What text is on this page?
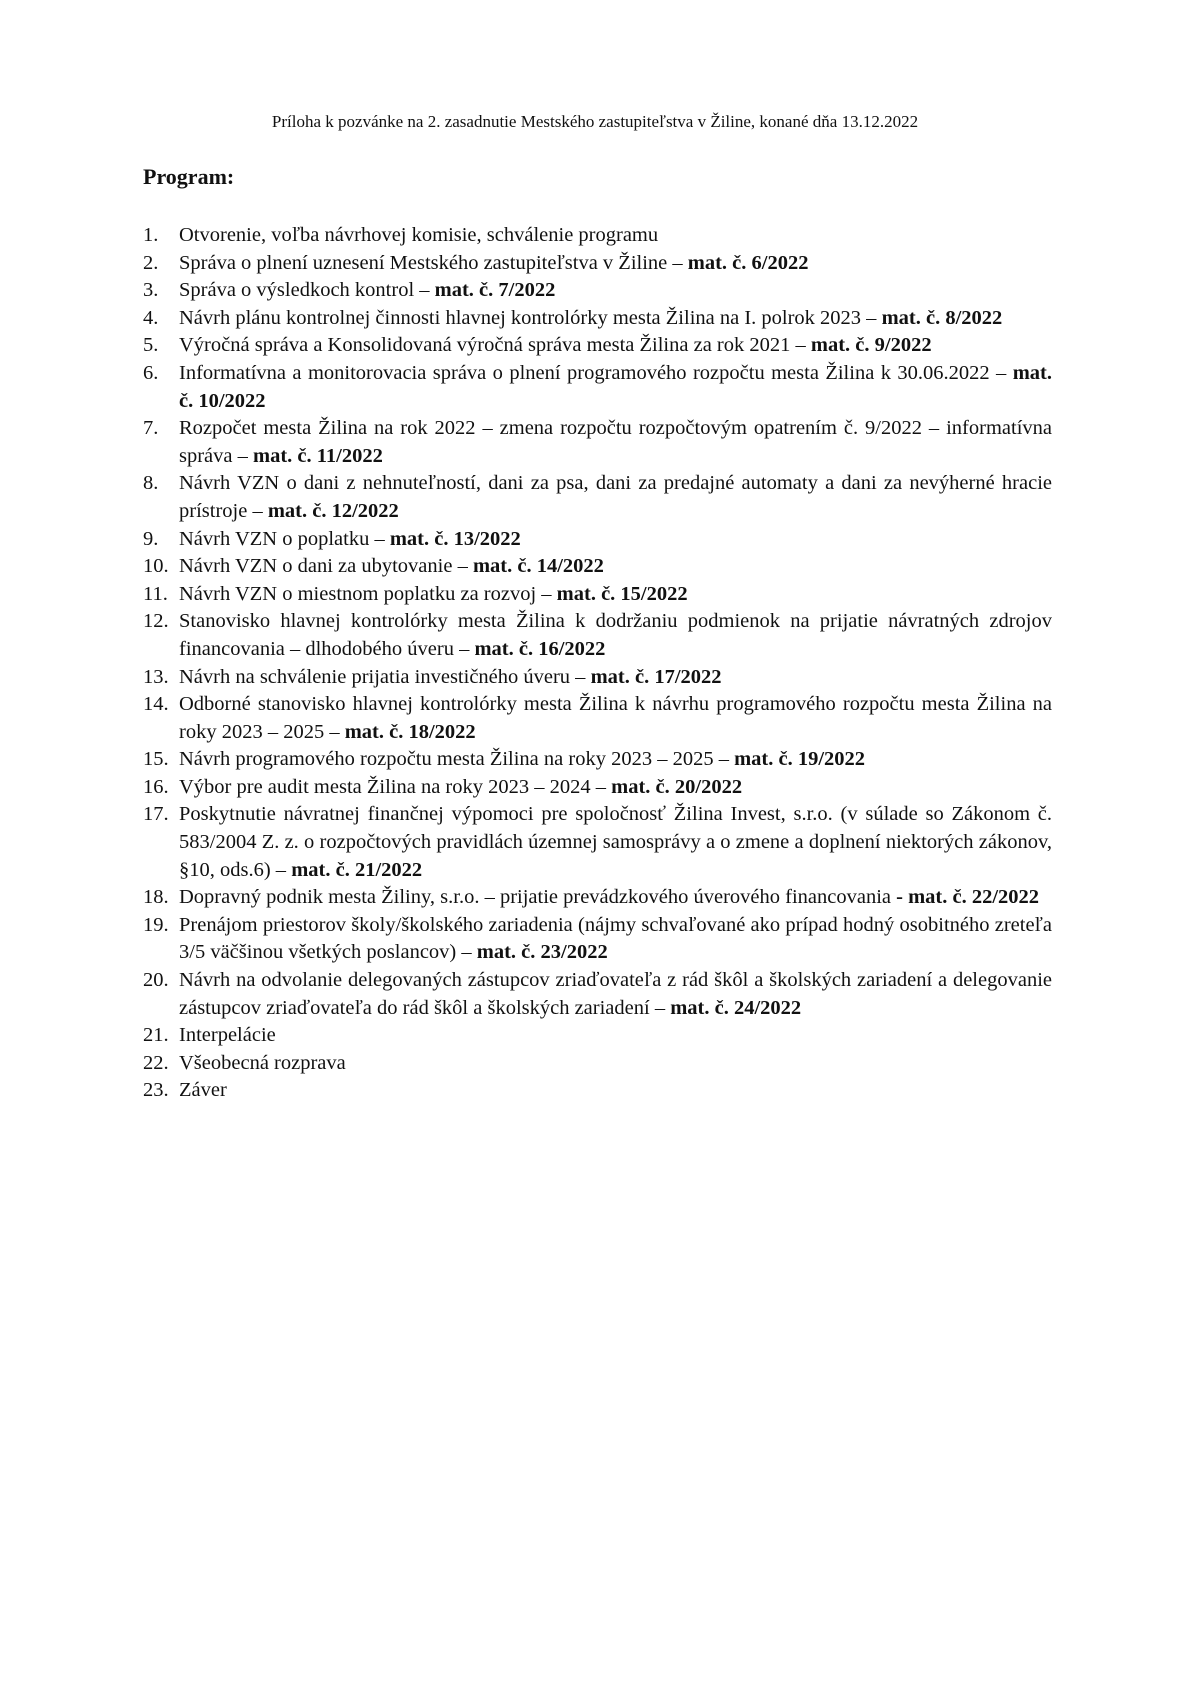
Príloha k pozvánke na 2. zasadnutie Mestského zastupiteľstva v Žiline, konané dňa 13.12.2022
Program:
1.	Otvorenie, voľba návrhovej komisie, schválenie programu
2.	Správa o plnení uznesení Mestského zastupiteľstva v Žiline – mat. č. 6/2022
3.	Správa o výsledkoch kontrol – mat. č. 7/2022
4.	Návrh plánu kontrolnej činnosti hlavnej kontrolórky mesta Žilina na I. polrok 2023 – mat. č. 8/2022
5.	Výročná správa a Konsolidovaná výročná správa mesta Žilina za rok 2021 – mat. č. 9/2022
6.	Informatívna a monitorovacia správa o plnení programového rozpočtu mesta Žilina k 30.06.2022 – mat. č. 10/2022
7.	Rozpočet mesta Žilina na rok 2022 – zmena rozpočtu rozpočtovým opatrením č. 9/2022 – informatívna správa – mat. č. 11/2022
8.	Návrh VZN o dani z nehnuteľností, dani za psa, dani za predajné automaty a dani za nevýherné hracie prístroje – mat. č. 12/2022
9.	Návrh VZN o poplatku – mat. č. 13/2022
10. Návrh VZN o dani za ubytovanie – mat. č. 14/2022
11. Návrh VZN o miestnom poplatku za rozvoj – mat. č. 15/2022
12. Stanovisko hlavnej kontrolórky mesta Žilina k dodržaniu podmienok na prijatie návratných zdrojov financovania – dlhodobého úveru – mat. č. 16/2022
13. Návrh na schválenie prijatia investičného úveru – mat. č. 17/2022
14. Odborné stanovisko hlavnej kontrolórky mesta Žilina k návrhu programového rozpočtu mesta Žilina na roky 2023 – 2025 – mat. č. 18/2022
15. Návrh programového rozpočtu mesta Žilina na roky 2023 – 2025 – mat. č. 19/2022
16. Výbor pre audit mesta Žilina na roky 2023 – 2024 – mat. č. 20/2022
17. Poskytnutie návratnej finančnej výpomoci pre spoločnosť Žilina Invest, s.r.o. (v súlade so Zákonom č. 583/2004 Z. z. o rozpočtových pravidlách územnej samosprávy a o zmene a doplnení niektorých zákonov, §10, ods.6) – mat. č. 21/2022
18. Dopravný podnik mesta Žiliny, s.r.o. – prijatie prevádzkového úverového financovania - mat. č. 22/2022
19. Prenájom priestorov školy/školského zariadenia (nájmy schvaľované ako prípad hodný osobitného zreteľa 3/5 väčšinou všetkých poslancov) – mat. č. 23/2022
20. Návrh na odvolanie delegovaných zástupcov zriaďovateľa z rád škôl a školských zariadení a delegovanie zástupcov zriaďovateľa do rád škôl a školských zariadení – mat. č. 24/2022
21. Interpelácie
22. Všeobecná rozprava
23. Záver
